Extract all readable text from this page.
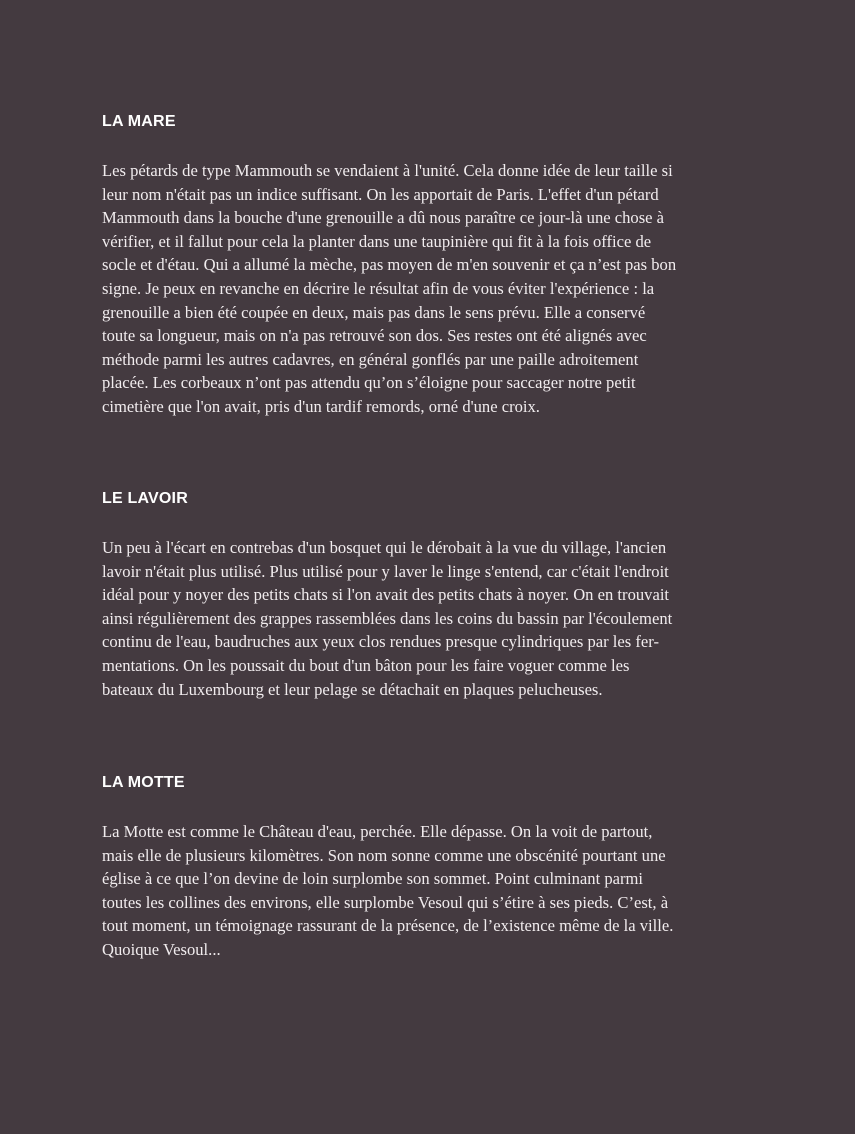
LA MARE

Les pétards de type Mammouth se vendaient à l'unité. Cela donne idée de leur taille si
leur nom n'était pas un indice suffisant. On les apportait de Paris. L'effet d'un pétard
Mammouth dans la bouche d'une grenouille a dû nous paraître ce jour-là une chose à
vérifier, et il fallut pour cela la planter dans une taupinière qui fit à la fois office de
socle et d'étau. Qui a allumé la mèche, pas moyen de m'en souvenir et ça n’est pas bon
signe. Je peux en revanche en décrire le résultat afin de vous éviter l'expérience : la
grenouille a bien été coupée en deux, mais pas dans le sens prévu. Elle a conservé
toute sa longueur, mais on n'a pas retrouvé son dos. Ses restes ont été alignés avec
méthode parmi les autres cadavres, en général gonflés par une paille adroitement
placée. Les corbeaux n’ont pas attendu qu’on s’éloigne pour saccager notre petit
cimetière que l'on avait, pris d'un tardif remords, orné d'une croix.

LE LAVOIR

Un peu à l'écart en contrebas d'un bosquet qui le dérobait à la vue du village, l'ancien
lavoir n'était plus utilisé. Plus utilisé pour y laver le linge s'entend, car c'était l'endroit
idéal pour y noyer des petits chats si l'on avait des petits chats à noyer. On en trouvait
ainsi régulièrement des grappes rassemblées dans les coins du bassin par l'écoulement
continu de l'eau, baudruches aux yeux clos rendues presque cylindriques par les fer-
mentations. On les poussait du bout d'un bâton pour les faire voguer comme les
bateaux du Luxembourg et leur pelage se détachait en plaques pelucheuses.

LA MOTTE

La Motte est comme le Château d'eau, perchée. Elle dépasse. On la voit de partout,
mais elle de plusieurs kilomètres. Son nom sonne comme une obscénité pourtant une
église à ce que l’on devine de loin surplombe son sommet. Point culminant parmi
toutes les collines des environs, elle surplombe Vesoul qui s’étire à ses pieds. C’est, à
tout moment, un témoignage rassurant de la présence, de l’existence même de la ville.
Quoique Vesoul...
